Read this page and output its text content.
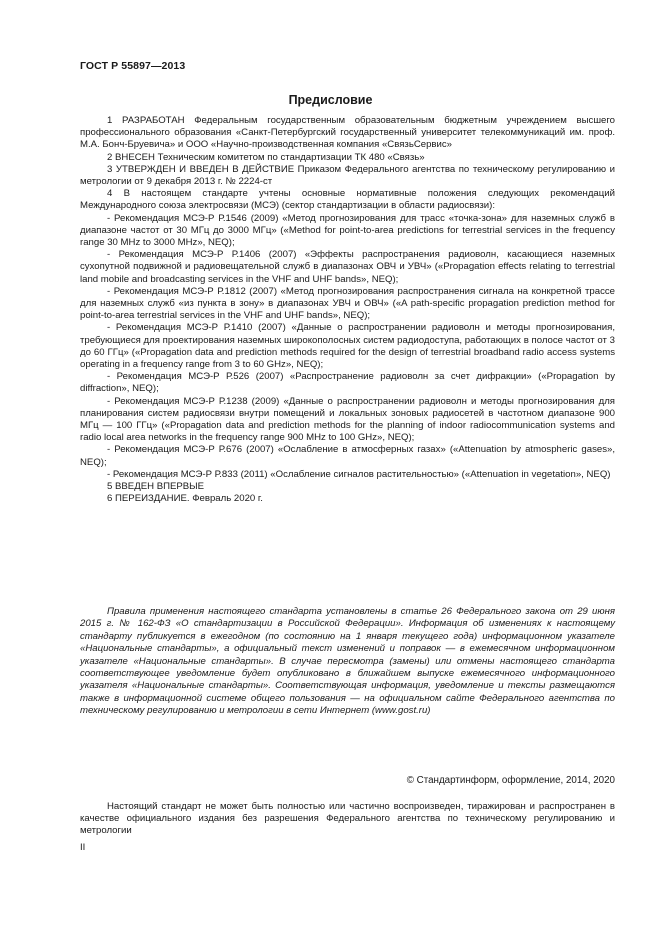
ГОСТ Р 55897—2013
Предисловие

1 РАЗРАБОТАН Федеральным государственным образовательным бюджетным учреждением высшего профессионального образования «Санкт-Петербургский государственный университет телекоммуникаций им. проф. М.А. Бонч-Бруевича» и ООО «Научно-производственная компания «СвязьСервис»

2 ВНЕСЕН Техническим комитетом по стандартизации ТК 480 «Связь»

3 УТВЕРЖДЕН И ВВЕДЕН В ДЕЙСТВИЕ Приказом Федерального агентства по техническому регулированию и метрологии от 9 декабря 2013 г. № 2224-ст

4 В настоящем стандарте учтены основные нормативные положения следующих рекомендаций Международного союза электросвязи (МСЭ) (сектор стандартизации в области радиосвязи):

- Рекомендация МСЭ-Р Р.1546 (2009) «Метод прогнозирования для трасс «точка-зона» для наземных служб в диапазоне частот от 30 МГц до 3000 МГц» («Method for point-to-area predictions for terrestrial services in the frequency range 30 MHz to 3000 MHz», NEQ);

- Рекомендация МСЭ-Р Р.1406 (2007) «Эффекты распространения радиоволн, касающиеся наземных сухопутной подвижной и радиовещательной служб в диапазонах ОВЧ и УВЧ» («Propagation effects relating to terrestrial land mobile and broadcasting services in the VHF and UHF bands», NEQ);

- Рекомендация МСЭ-Р Р.1812 (2007) «Метод прогнозирования распространения сигнала на конкретной трассе для наземных служб «из пункта в зону» в диапазонах УВЧ и ОВЧ» («A path-specific propagation prediction method for point-to-area terrestrial services in the VHF and UHF bands», NEQ);

- Рекомендация МСЭ-Р Р.1410 (2007) «Данные о распространении радиоволн и методы прогнозирования, требующиеся для проектирования наземных широкополосных систем радиодоступа, работающих в полосе частот от 3 до 60 ГГц» («Propagation data and prediction methods required for the design of terrestrial broadband radio access systems operating in a frequency range from 3 to 60 GHz», NEQ);

- Рекомендация МСЭ-Р Р.526 (2007) «Распространение радиоволн за счет дифракции» («Propagation by diffraction», NEQ);

- Рекомендация МСЭ-Р Р.1238 (2009) «Данные о распространении радиоволн и методы прогнозирования для планирования систем радиосвязи внутри помещений и локальных зоновых радиосетей в частотном диапазоне 900 МГц — 100 ГГц» («Propagation data and prediction methods for the planning of indoor radiocommunication systems and radio local area networks in the frequency range 900 MHz to 100 GHz», NEQ);

- Рекомендация МСЭ-Р Р.676 (2007) «Ослабление в атмосферных газах» («Attenuation by atmospheric gases», NEQ);

- Рекомендация МСЭ-Р Р.833 (2011) «Ослабление сигналов растительностью» («Attenuation in vegetation», NEQ)

5 ВВЕДЕН ВПЕРВЫЕ

6 ПЕРЕИЗДАНИЕ. Февраль 2020 г.

Правила применения настоящего стандарта установлены в статье 26 Федерального закона от 29 июня 2015 г. № 162-ФЗ «О стандартизации в Российской Федерации». Информация об изменениях к настоящему стандарту публикуется в ежегодном (по состоянию на 1 января текущего года) информационном указателе «Национальные стандарты», а официальный текст изменений и поправок — в ежемесячном информационном указателе «Национальные стандарты». В случае пересмотра (замены) или отмены настоящего стандарта соответствующее уведомление будет опубликовано в ближайшем выпуске ежемесячного информационного указателя «Национальные стандарты». Соответствующая информация, уведомление и тексты размещаются также в информационной системе общего пользования — на официальном сайте Федерального агентства по техническому регулированию и метрологии в сети Интернет (www.gost.ru)

© Стандартинформ, оформление, 2014, 2020

Настоящий стандарт не может быть полностью или частично воспроизведен, тиражирован и распространен в качестве официального издания без разрешения Федерального агентства по техническому регулированию и метрологии

II
